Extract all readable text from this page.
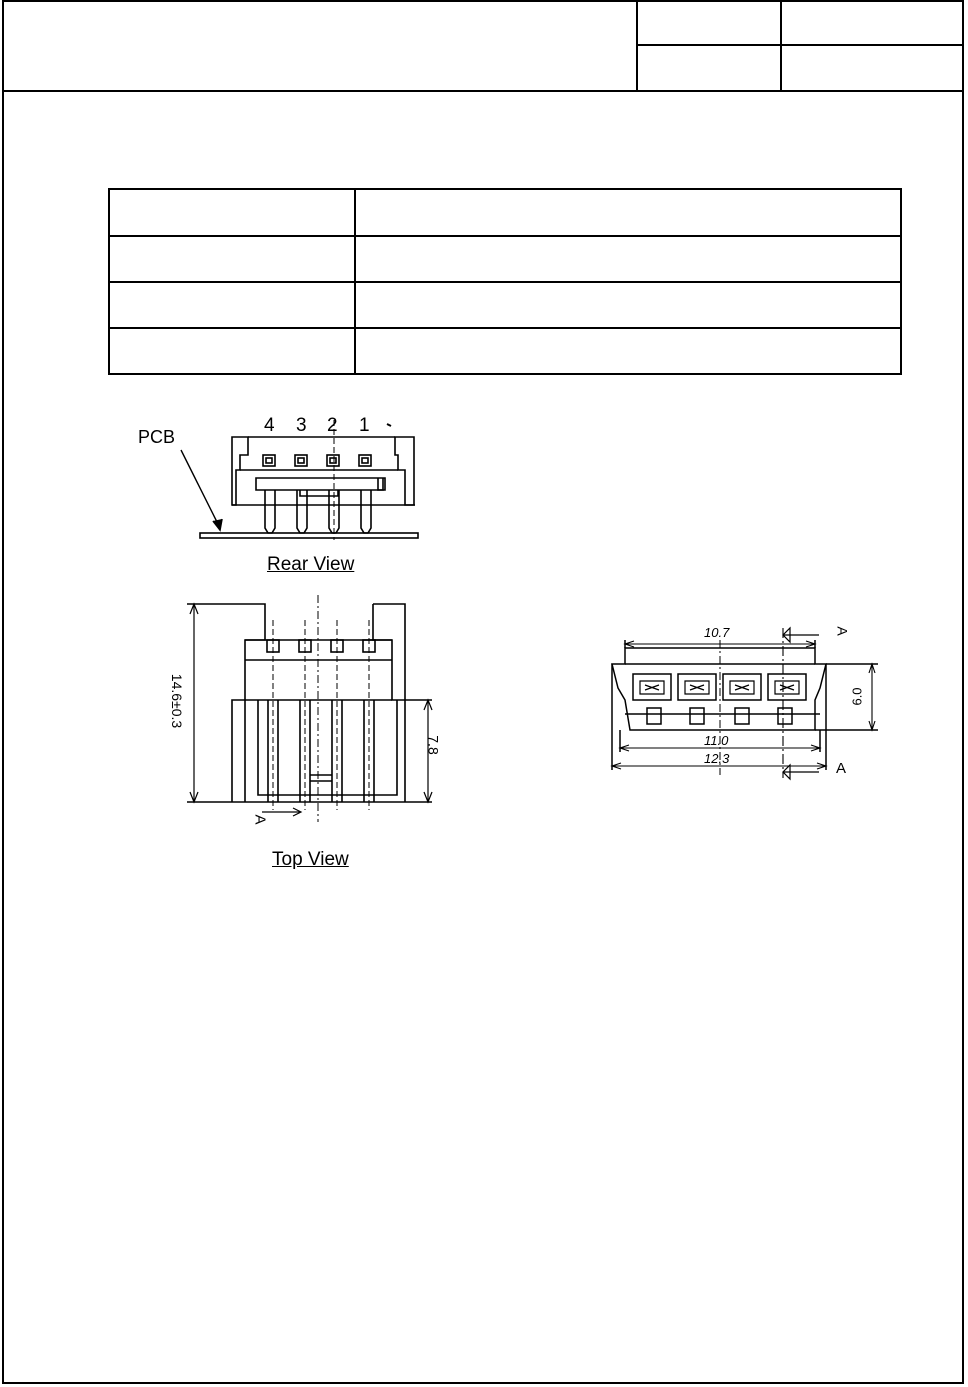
PCB
4 3 2 1
Rear View
14.6±0.3
7.8
A
Top View
10.7
11.0
12.3
6.0
A
A
